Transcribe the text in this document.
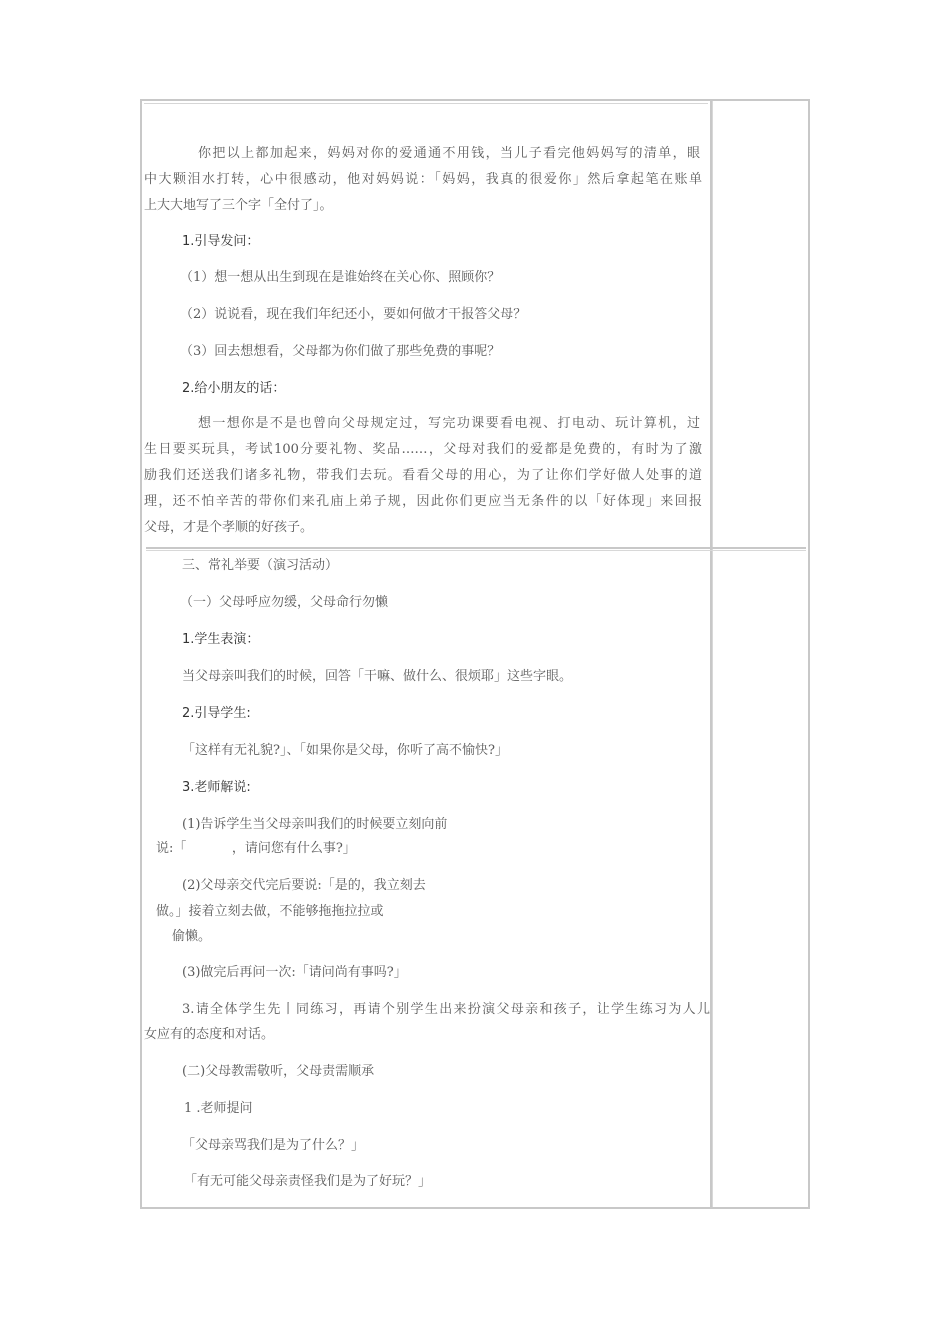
你把以上都加起来，妈妈对你的爱通通不用钱，当儿子看完他妈妈写的清单，眼
中大颗泪水打转，心中很感动，他对妈妈说：「妈妈，我真的很爱你」然后拿起笔在账单
上大大地写了三个字「全付了」。
1.引导发问：
（1）想一想从出生到现在是谁始终在关心你、照顾你？
（2）说说看，现在我们年纪还小，要如何做才干报答父母？
（3）回去想想看，父母都为你们做了那些免费的事呢？
2.给小朋友的话：
想一想你是不是也曾向父母规定过，写完功课要看电视、打电动、玩计算机，过
生日要买玩具，考试100分要礼物、奖品……，父母对我们的爱都是免费的，有时为了激
励我们还送我们诸多礼物，带我们去玩。看看父母的用心，为了让你们学好做人处事的道
理，还不怕辛苦的带你们来孔庙上弟子规，因此你们更应当无条件的以「好体现」来回报
父母，才是个孝顺的好孩子。
三、常礼举要（演习活动）
（一）父母呼应勿缓，父母命行勿懒
1.学生表演：
当父母亲叫我们的时候，回答「干嘛、做什么、很烦耶」这些字眼。
2.引导学生:
「这样有无礼貌?」、「如果你是父母，你听了高不愉快?」
3.老师解说:
(1)告诉学生当父母亲叫我们的时候要立刻向前
说:「           ，请问您有什么事?」
(2)父母亲交代完后要说:「是的，我立刻去
做。」接着立刻去做，不能够拖拖拉拉或
偷懒。
(3)做完后再问一次:「请问尚有事吗?」
3.请全体学生先丨同练习，再请个别学生出来扮演父母亲和孩子，让学生练习为人儿
女应有的态度和对话。
(二)父母教需敬听，父母责需顺承
1 .老师提问
「父母亲骂我们是为了什么？」
「有无可能父母亲责怪我们是为了好玩？」
